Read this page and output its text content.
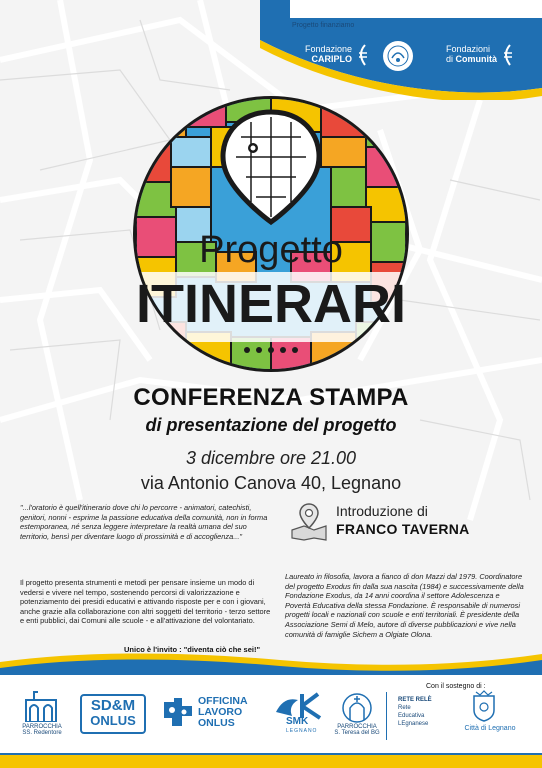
Progetto finanziamo
Fondazione
CARIPLO
Fondazioni
di Comunità
Progetto
ITINERARI
CONFERENZA STAMPA
di presentazione del progetto
3 dicembre ore 21.00
via Antonio Canova 40, Legnano
"...l'oratorio è quell'itinerario dove chi lo percorre - animatori, catechisti, genitori, nonni - esprime la passione educativa della comunità, non in forma estemporanea, né senza leggere interpretare la realtà umana del suo territorio, bensì per diventare luogo di prossimità e di accoglienza..."
Il progetto presenta strumenti e metodi per pensare insieme un modo di vedersi e vivere nel tempo, sostenendo percorsi di valorizzazione e potenziamento dei presidi educativi e attivando risposte per e con i giovani, anche grazie alla collaborazione con altri soggetti del territorio - terzo settore e enti pubblici, dai Comuni alle scuole - e all'attivazione del volontariato.
Introduzione di
FRANCO TAVERNA
Laureato in filosofia, lavora a fianco di don Mazzi dal 1979. Coordinatore del progetto Exodus fin dalla sua nascita (1984) e successivamente della Fondazione Exodus, da 14 anni coordina il settore Adolescenza e Povertà Educativa della stessa Fondazione. È responsabile di numerosi progetti locali e nazionali con scuole e enti territoriali. È presidente della Associazione Semi di Melo, autore di diverse pubblicazioni e vive nella comunità di famiglie Sichem a Olgiate Olona.
Unico è l'invito : "diventa ciò che sei!"
Con il sostegno di :
PARROCCHIA
SS. Redentore
SD&M
ONLUS
OFFICINA
LAVORO
ONLUS	SMK
LEGNANO
PARROCCHIA
S. Teresa del BG
RETE RELÈ
Rete
Educativa
LEgnanese
Città di Legnano
